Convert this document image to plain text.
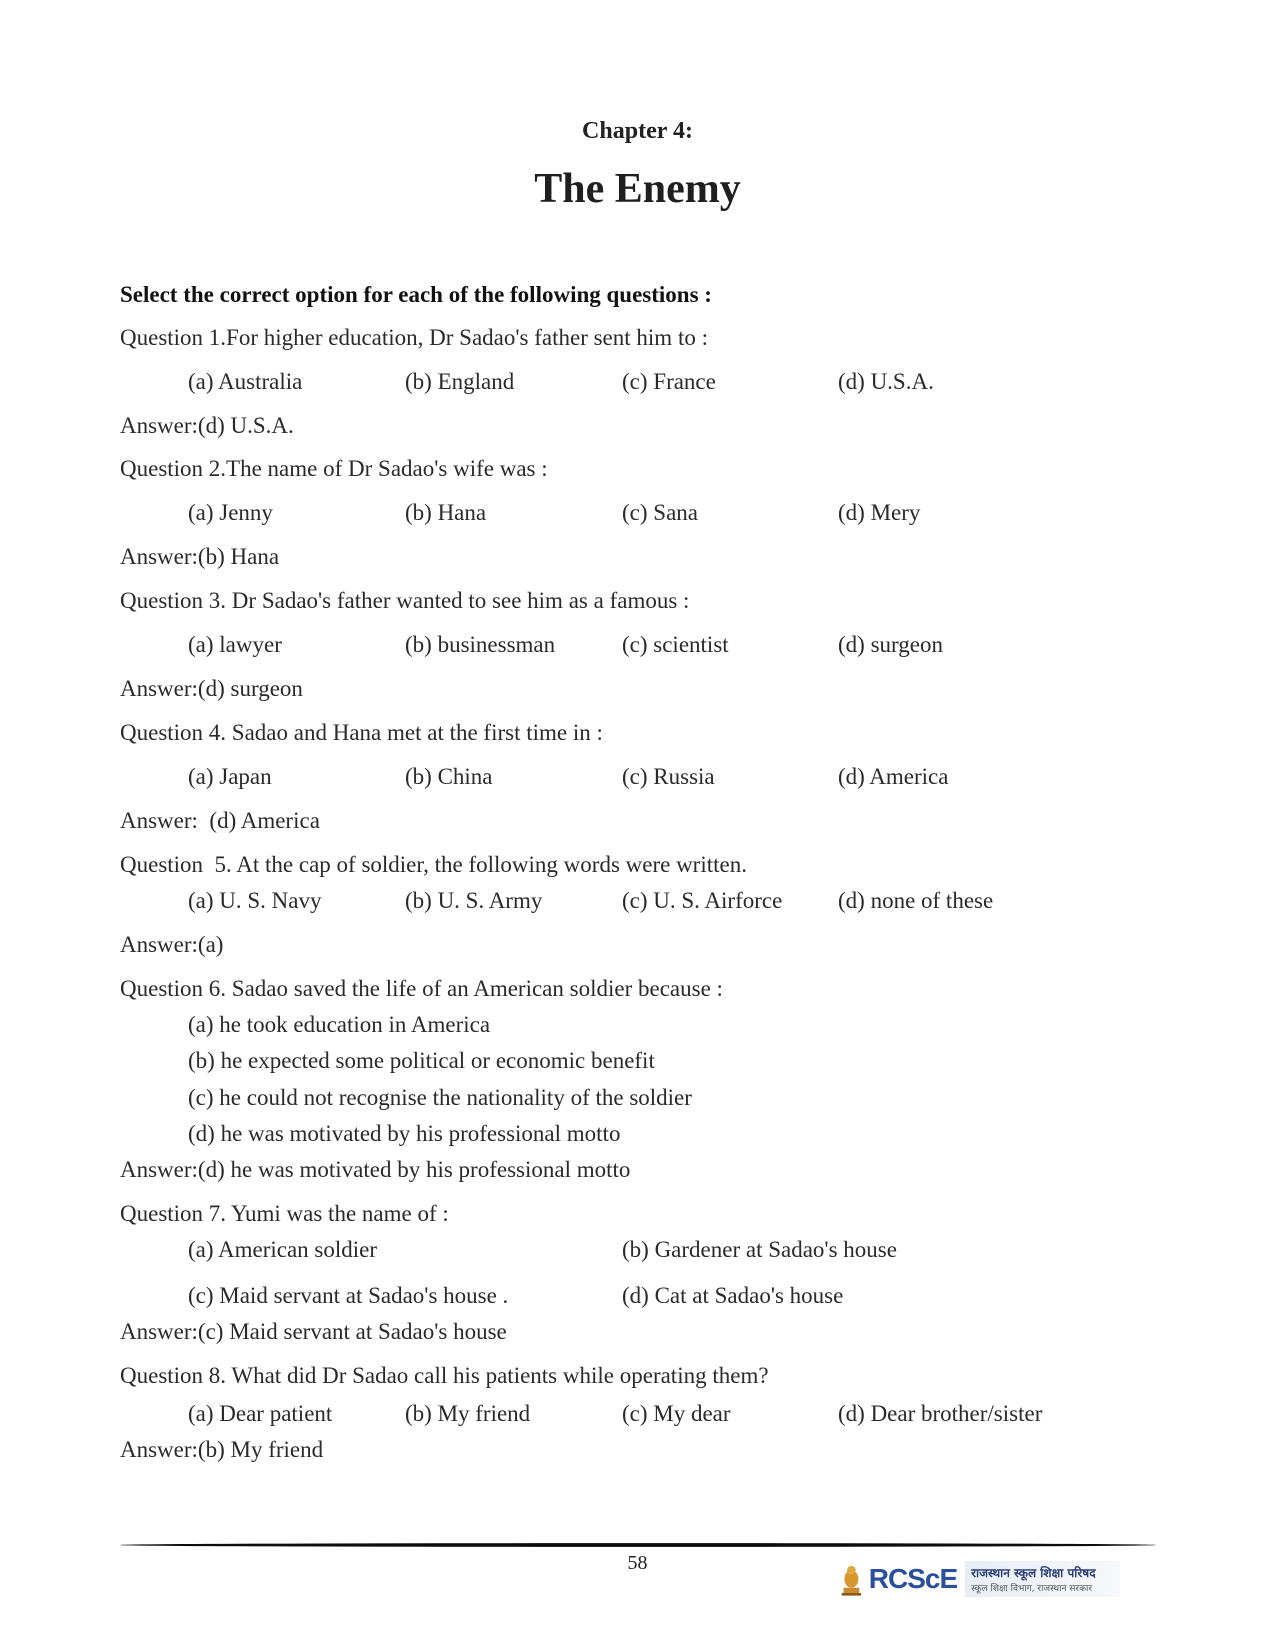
Chapter 4:
The Enemy
Select the correct option for each of the following questions :
Question 1.For higher education, Dr Sadao's father sent him to :
(a) Australia	(b) England	(c) France	(d) U.S.A.
Answer:(d) U.S.A.
Question 2.The name of Dr Sadao's wife was :
(a) Jenny	(b) Hana	(c) Sana	(d) Mery
Answer:(b) Hana
Question 3. Dr Sadao's father wanted to see him as a famous :
(a) lawyer	(b) businessman	(c) scientist	(d) surgeon
Answer:(d) surgeon
Question 4. Sadao and Hana met at the first time in :
(a) Japan	(b) China	(c) Russia	(d) America
Answer:  (d) America
Question  5. At the cap of soldier, the following words were written.
(a) U. S. Navy	(b) U. S. Army	(c) U. S. Airforce (d) none of these
Answer:(a)
Question 6. Sadao saved the life of an American soldier because :
(a) he took education in America
(b) he expected some political or economic benefit
(c) he could not recognise the nationality of the soldier
(d) he was motivated by his professional motto
Answer:(d) he was motivated by his professional motto
Question 7. Yumi was the name of :
(a) American soldier	(b) Gardener at Sadao's house
(c) Maid servant at Sadao's house .	(d) Cat at Sadao's house
Answer:(c) Maid servant at Sadao's house
Question 8. What did Dr Sadao call his patients while operating them?
(a) Dear patient	(b) My friend	(c) My dear	(d) Dear brother/sister
Answer:(b) My friend
58	RCScE राजस्थान स्कूल शिक्षा परिषद
स्कूल शिक्षा विभाग, राजस्थान सरकार
